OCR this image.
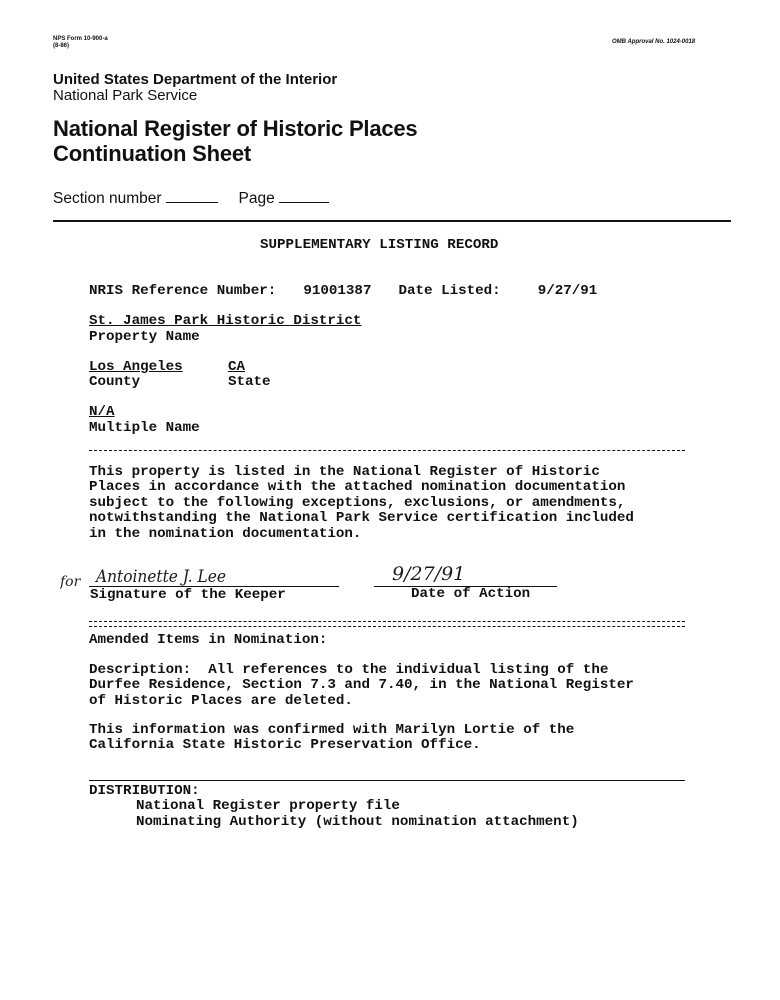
NPS Form 10-900-a
(8-86)
OMB Approval No. 1024-0018
United States Department of the Interior
National Park Service
National Register of Historic Places
Continuation Sheet
Section number	Page
SUPPLEMENTARY LISTING RECORD
NRIS Reference Number: 91001387 Date Listed:	9/27/91
St. James Park Historic District
Property Name
Los Angeles	CA
County	State
N/A
Multiple Name
This property is listed in the National Register of Historic
Places in accordance with the attached nomination documentation
subject to the following exceptions, exclusions, or amendments,
notwithstanding the National Park Service certification included
in the nomination documentation.
for Antoinette J. Lee	9/27/91
Signature of the Keeper	Date of Action
Amended Items in Nomination:
Description:  All references to the individual listing of the
Durfee Residence, Section 7.3 and 7.40, in the National Register
of Historic Places are deleted.
This information was confirmed with Marilyn Lortie of the
California State Historic Preservation Office.
DISTRIBUTION:
National Register property file
Nominating Authority (without nomination attachment)
